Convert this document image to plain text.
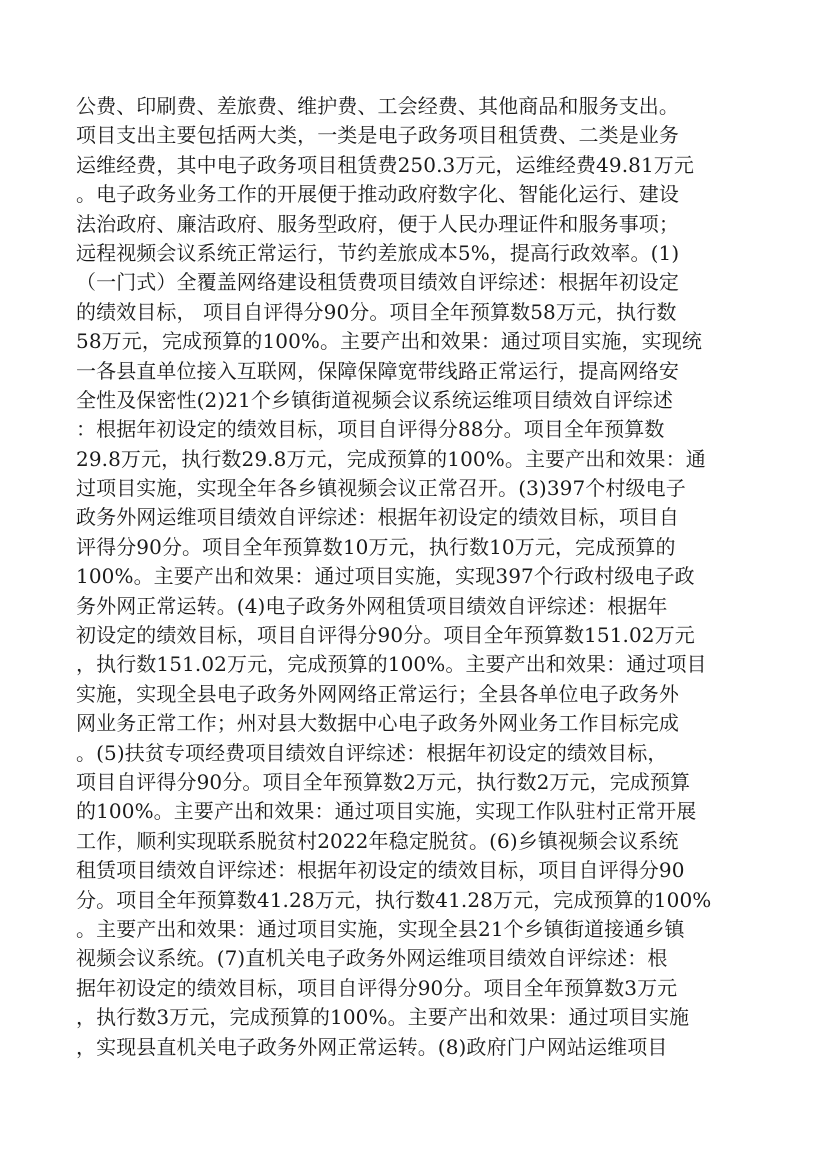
公费、印刷费、差旅费、维护费、工会经费、其他商品和服务支出。
项目支出主要包括两大类，一类是电子政务项目租赁费、二类是业务
运维经费，其中电子政务项目租赁费250.3万元，运维经费49.81万元
。电子政务业务工作的开展便于推动政府数字化、智能化运行、建设
法治政府、廉洁政府、服务型政府，便于人民办理证件和服务事项；
远程视频会议系统正常运行，节约差旅成本5%，提高行政效率。(1)
（一门式）全覆盖网络建设租赁费项目绩效自评综述：根据年初设定
的绩效目标， 项目自评得分90分。项目全年预算数58万元，执行数
58万元，完成预算的100%。主要产出和效果：通过项目实施，实现统
一各县直单位接入互联网，保障保障宽带线路正常运行，提高网络安
全性及保密性(2)21个乡镇街道视频会议系统运维项目绩效自评综述
：根据年初设定的绩效目标，项目自评得分88分。项目全年预算数
29.8万元，执行数29.8万元，完成预算的100%。主要产出和效果：通
过项目实施，实现全年各乡镇视频会议正常召开。(3)397个村级电子
政务外网运维项目绩效自评综述：根据年初设定的绩效目标，项目自
评得分90分。项目全年预算数10万元，执行数10万元，完成预算的
100%。主要产出和效果：通过项目实施，实现397个行政村级电子政
务外网正常运转。(4)电子政务外网租赁项目绩效自评综述：根据年
初设定的绩效目标，项目自评得分90分。项目全年预算数151.02万元
，执行数151.02万元，完成预算的100%。主要产出和效果：通过项目
实施，实现全县电子政务外网网络正常运行；全县各单位电子政务外
网业务正常工作；州对县大数据中心电子政务外网业务工作目标完成
。(5)扶贫专项经费项目绩效自评综述：根据年初设定的绩效目标，
项目自评得分90分。项目全年预算数2万元，执行数2万元，完成预算
的100%。主要产出和效果：通过项目实施，实现工作队驻村正常开展
工作，顺利实现联系脱贫村2022年稳定脱贫。(6)乡镇视频会议系统
租赁项目绩效自评综述：根据年初设定的绩效目标，项目自评得分90
分。项目全年预算数41.28万元，执行数41.28万元，完成预算的100%
。主要产出和效果：通过项目实施，实现全县21个乡镇街道接通乡镇
视频会议系统。(7)直机关电子政务外网运维项目绩效自评综述：根
据年初设定的绩效目标，项目自评得分90分。项目全年预算数3万元
，执行数3万元，完成预算的100%。主要产出和效果：通过项目实施
，实现县直机关电子政务外网正常运转。(8)政府门户网站运维项目
